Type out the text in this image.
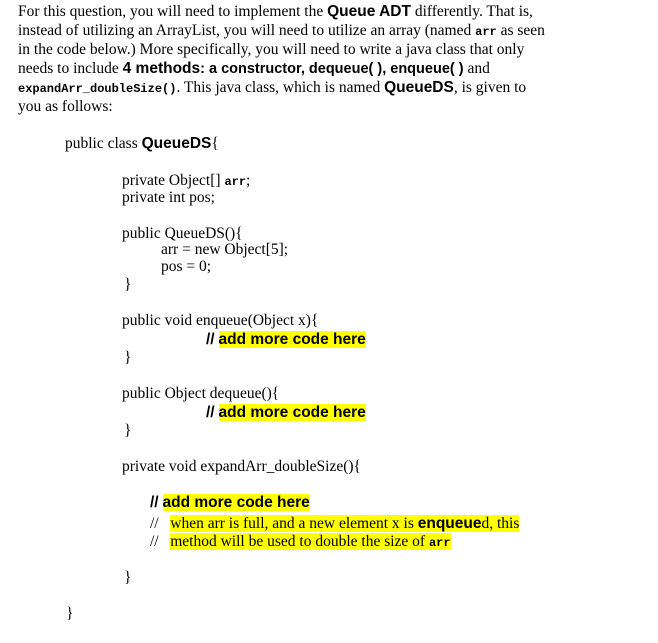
For this question, you will need to implement the Queue ADT differently. That is,
instead of utilizing an ArrayList, you will need to utilize an array (named arr as seen
in the code below.) More specifically, you will need to write a java class that only
needs to include 4 methods: a constructor, dequeue( ), enqueue( ) and
expandArr_doubleSize(). This java class, which is named QueueDS, is given to
you as follows:
public class QueueDS{
private Object[] arr;
private int pos;
public QueueDS(){
arr = new Object[5];
pos = 0;
}
public void enqueue(Object x){
// add more code here
}
public Object dequeue(){
// add more code here
}
private void expandArr_doubleSize(){
// add more code here
// when arr is full, and a new element x is enqueued, this
// method will be used to double the size of arr
}
}
